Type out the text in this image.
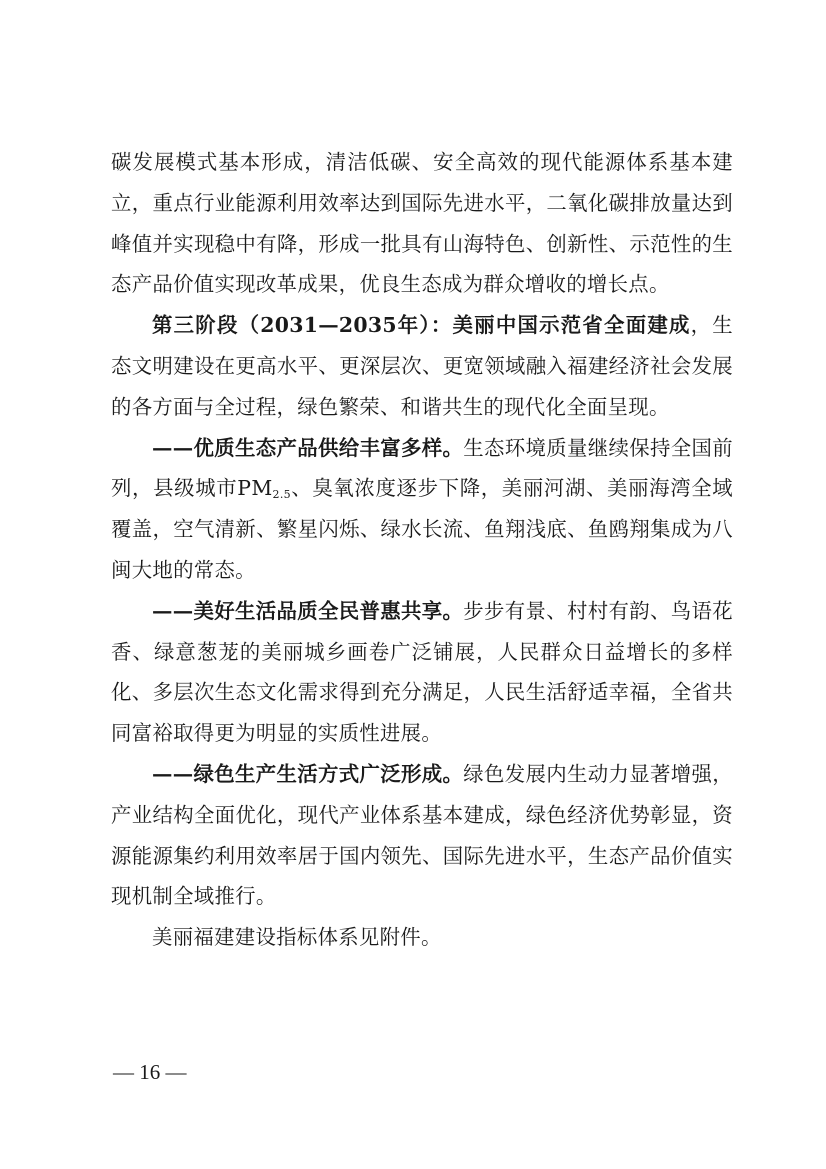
碳发展模式基本形成，清洁低碳、安全高效的现代能源体系基本建立，重点行业能源利用效率达到国际先进水平，二氧化碳排放量达到峰值并实现稳中有降，形成一批具有山海特色、创新性、示范性的生态产品价值实现改革成果，优良生态成为群众增收的增长点。

第三阶段（2031—2035年）：美丽中国示范省全面建成，生态文明建设在更高水平、更深层次、更宽领域融入福建经济社会发展的各方面与全过程，绿色繁荣、和谐共生的现代化全面呈现。

——优质生态产品供给丰富多样。生态环境质量继续保持全国前列，县级城市$PM_{2.5}$、臭氧浓度逐步下降，美丽河湖、美丽海湾全域覆盖，空气清新、繁星闪烁、绿水长流、鱼翔浅底、鱼鸥翔集成为八闽大地的常态。

——美好生活品质全民普惠共享。步步有景、村村有韵、鸟语花香、绿意葱茏的美丽城乡画卷广泛铺展，人民群众日益增长的多样化、多层次生态文化需求得到充分满足，人民生活舒适幸福，全省共同富裕取得更为明显的实质性进展。

——绿色生产生活方式广泛形成。绿色发展内生动力显著增强，产业结构全面优化，现代产业体系基本建成，绿色经济优势彰显，资源能源集约利用效率居于国内领先、国际先进水平，生态产品价值实现机制全域推行。

美丽福建建设指标体系见附件。

— 16 —
